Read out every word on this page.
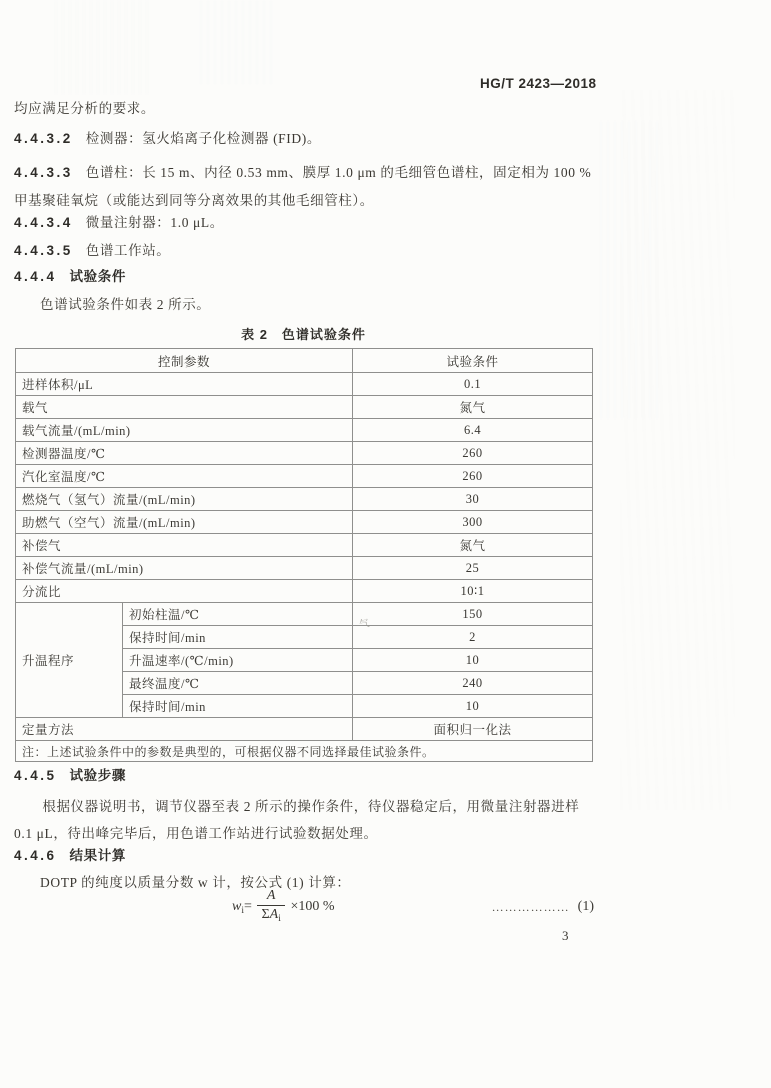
HG/T 2423—2018
均应满足分析的要求。
4.4.3.2 检测器：氢火焰离子化检测器 (FID)。
4.4.3.3 色谱柱：长 15 m、内径 0.53 mm、膜厚 1.0 μm 的毛细管色谱柱，固定相为 100 %甲基聚硅氧烷（或能达到同等分离效果的其他毛细管柱）。
4.4.3.4 微量注射器：1.0 μL。
4.4.3.5 色谱工作站。
4.4.4 试验条件
色谱试验条件如表 2 所示。
表 2　色谱试验条件
控制参数		试验条件
进样体积/μL		0.1
载气		氮气
载气流量/(mL/min)		6.4
检测器温度/℃		260
汽化室温度/℃		260
燃烧气（氢气）流量/(mL/min)		30
助燃气（空气）流量/(mL/min)		300
补偿气		氮气
补偿气流量/(mL/min)		25
分流比		10∶1
升温程序	初始柱温/℃	150
	保持时间/min	2
	升温速率/(℃/min)	10
	最终温度/℃	240
	保持时间/min	10
定量方法		面积归一化法
注：上述试验条件中的参数是典型的，可根据仪器不同选择最佳试验条件。		
气
4.4.5 试验步骤
根据仪器说明书，调节仪器至表 2 所示的操作条件，待仪器稳定后，用微量注射器进样 0.1 μL，待出峰完毕后，用色谱工作站进行试验数据处理。
4.4.6 结果计算
DOTP 的纯度以质量分数 w 计，按公式 (1) 计算：
$w_i = \frac{A}{\Sigma A_i} \times 100$ %	……………… (1)
3
